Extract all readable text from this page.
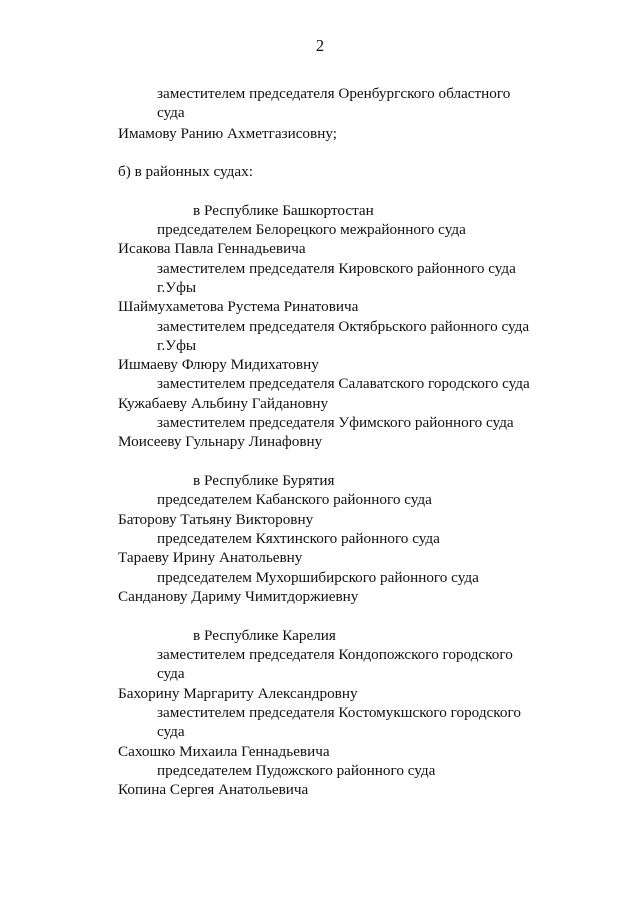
2
заместителем председателя Оренбургского областного
суда
Имамову Ранию Ахметгазисовну;
б) в районных судах:
в Республике Башкортостан
председателем Белорецкого межрайонного суда
Исакова Павла Геннадьевича
заместителем председателя Кировского районного суда
г.Уфы
Шаймухаметова Рустема Ринатовича
заместителем председателя Октябрьского районного суда
г.Уфы
Ишмаеву Флюру Мидихатовну
заместителем председателя Салаватского городского суда
Кужабаеву Альбину Гайдановну
заместителем председателя Уфимского районного суда
Моисееву Гульнару Линафовну
в Республике Бурятия
председателем Кабанского районного суда
Баторову Татьяну Викторовну
председателем Кяхтинского районного суда
Тараеву Ирину Анатольевну
председателем Мухоршибирского районного суда
Санданову Дариму Чимитдоржиевну
в Республике Карелия
заместителем председателя Кондопожского городского
суда
Бахорину Маргариту Александровну
заместителем председателя Костомукшского городского
суда
Сахошко Михаила Геннадьевича
председателем Пудожского районного суда
Копина Сергея Анатольевича
